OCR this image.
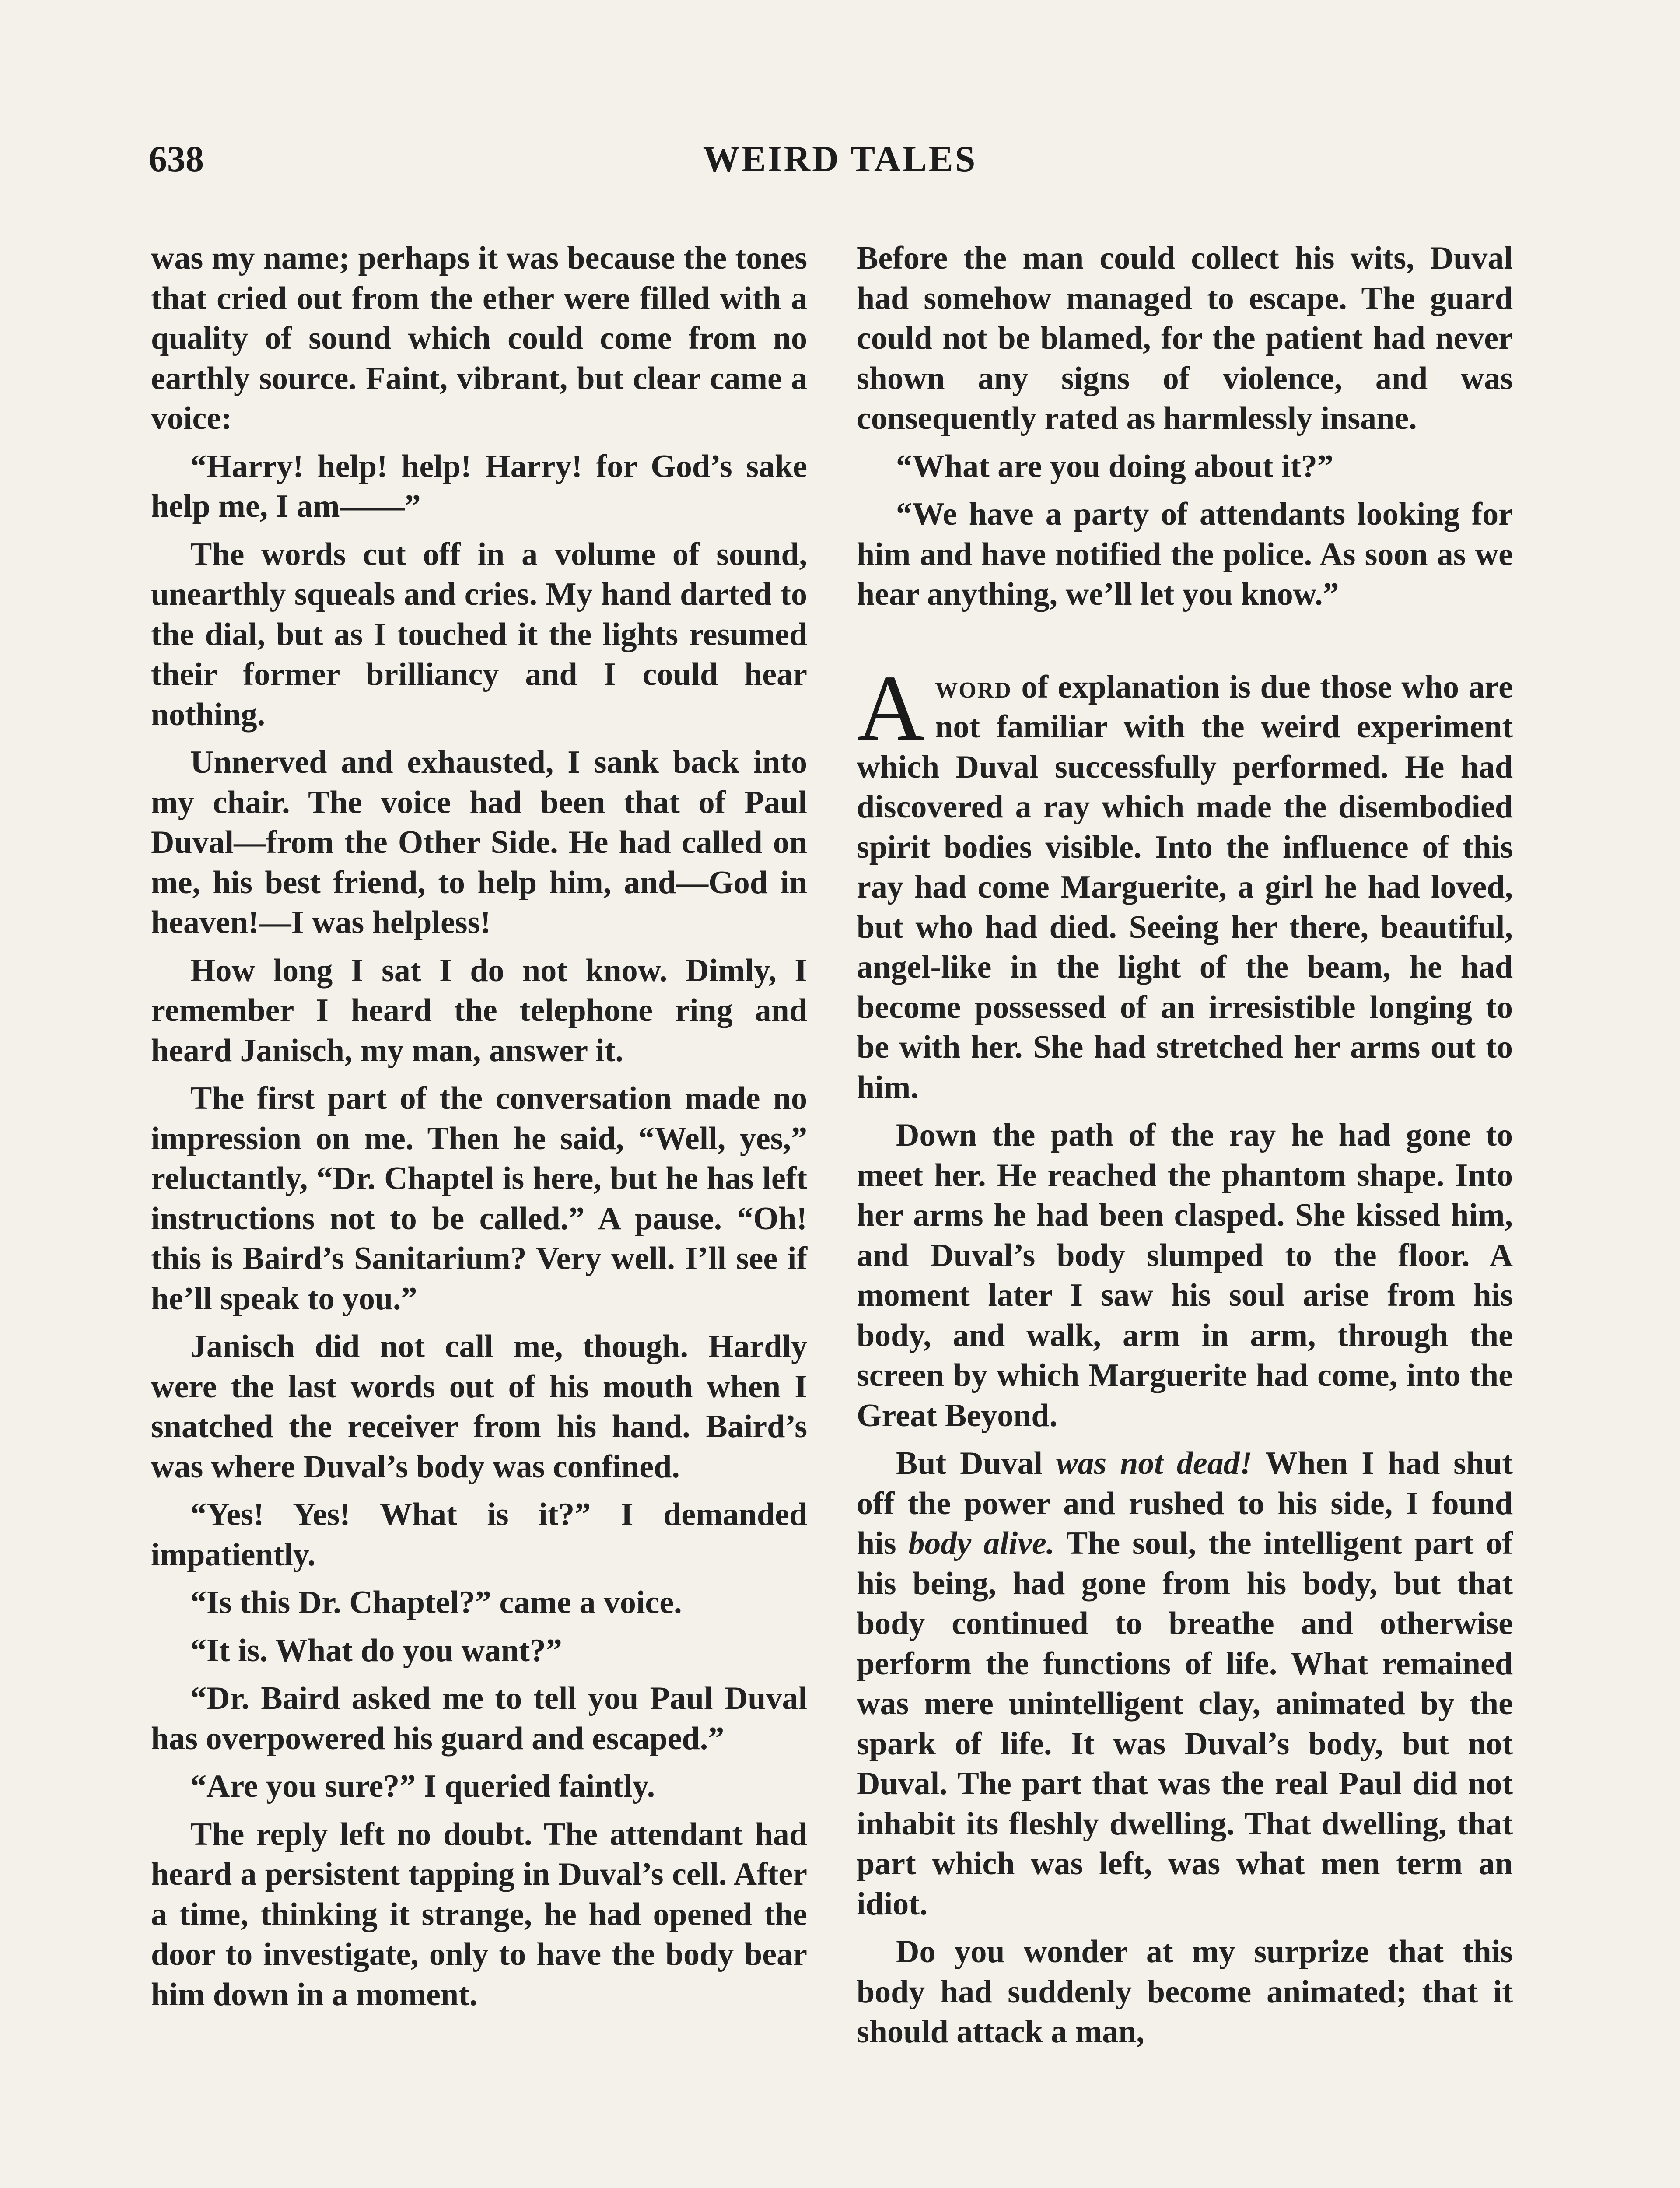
638	WEIRD TALES

was my name; perhaps it was because the tones that cried out from the ether were filled with a quality of sound which could come from no earthly source. Faint, vibrant, but clear came a voice:

“Harry! help! help! Harry! for God’s sake help me, I am——”

The words cut off in a volume of sound, unearthly squeals and cries. My hand darted to the dial, but as I touched it the lights resumed their former brilliancy and I could hear nothing.

Unnerved and exhausted, I sank back into my chair. The voice had been that of Paul Duval—from the Other Side. He had called on me, his best friend, to help him, and—God in heaven!—I was helpless!

How long I sat I do not know. Dimly, I remember I heard the telephone ring and heard Janisch, my man, answer it.

The first part of the conversation made no impression on me. Then he said, “Well, yes,” reluctantly, “Dr. Chaptel is here, but he has left instructions not to be called.” A pause. “Oh! this is Baird’s Sanitarium? Very well. I’ll see if he’ll speak to you.”

Janisch did not call me, though. Hardly were the last words out of his mouth when I snatched the receiver from his hand. Baird’s was where Duval’s body was confined.

“Yes! Yes! What is it?” I demanded impatiently.

“Is this Dr. Chaptel?” came a voice.

“It is. What do you want?”

“Dr. Baird asked me to tell you Paul Duval has overpowered his guard and escaped.”

“Are you sure?” I queried faintly.

The reply left no doubt. The attendant had heard a persistent tapping in Duval’s cell. After a time, thinking it strange, he had opened the door to investigate, only to have the body bear him down in a moment.

Before the man could collect his wits, Duval had somehow managed to escape. The guard could not be blamed, for the patient had never shown any signs of violence, and was consequently rated as harmlessly insane.

“What are you doing about it?”

“We have a party of attendants looking for him and have notified the police. As soon as we hear anything, we’ll let you know.”

Aword of explanation is due those who are not familiar with the weird experiment which Duval successfully performed. He had discovered a ray which made the disembodied spirit bodies visible. Into the influence of this ray had come Marguerite, a girl he had loved, but who had died. Seeing her there, beautiful, angel-like in the light of the beam, he had become possessed of an irresistible longing to be with her. She had stretched her arms out to him.

Down the path of the ray he had gone to meet her. He reached the phantom shape. Into her arms he had been clasped. She kissed him, and Duval’s body slumped to the floor. A moment later I saw his soul arise from his body, and walk, arm in arm, through the screen by which Marguerite had come, into the Great Beyond.

But Duval was not dead! When I had shut off the power and rushed to his side, I found his body alive. The soul, the intelligent part of his being, had gone from his body, but that body continued to breathe and otherwise perform the functions of life. What remained was mere unintelligent clay, animated by the spark of life. It was Duval’s body, but not Duval. The part that was the real Paul did not inhabit its fleshly dwelling. That dwelling, that part which was left, was what men term an idiot.

Do you wonder at my surprize that this body had suddenly become animated; that it should attack a man,
